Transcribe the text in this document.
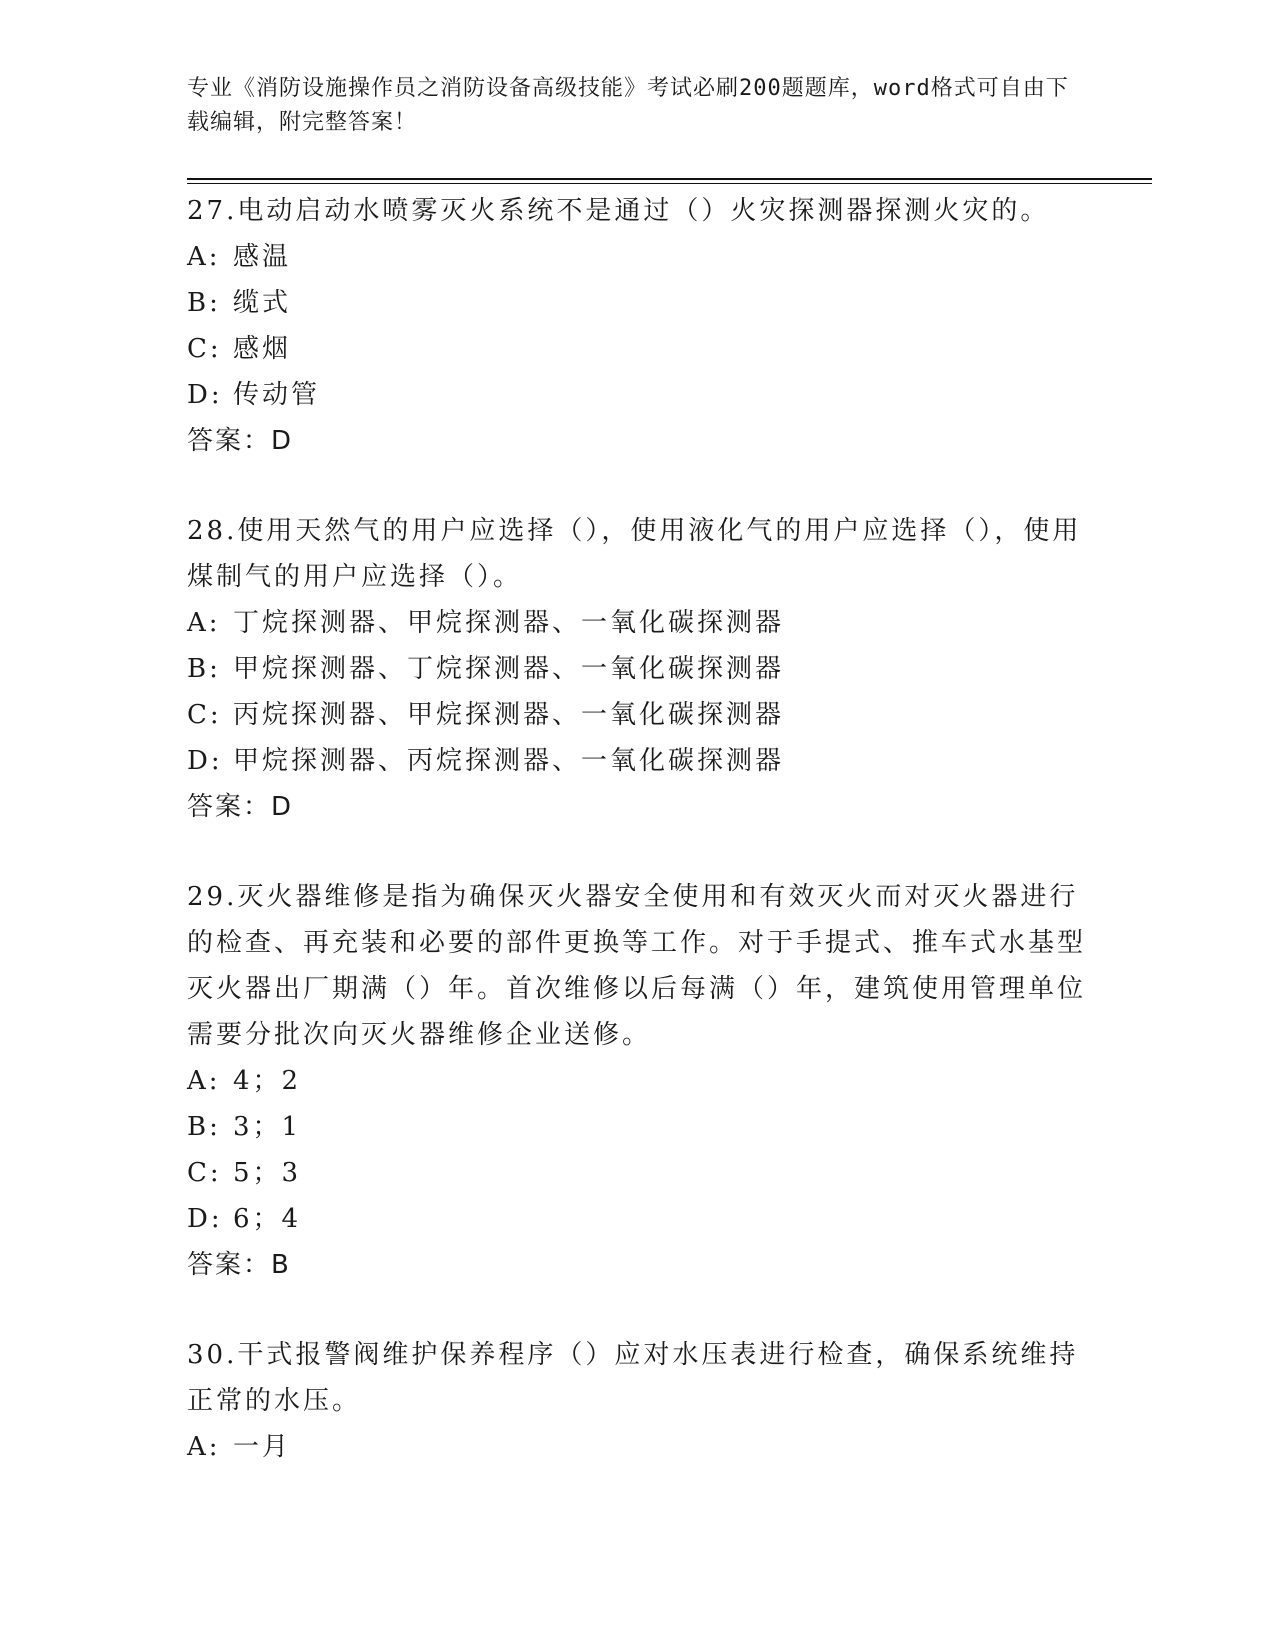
专业《消防设施操作员之消防设备高级技能》考试必刷200题题库，word格式可自由下载编辑，附完整答案！
27.电动启动水喷雾灭火系统不是通过（）火灾探测器探测火灾的。
A: 感温
B: 缆式
C: 感烟
D: 传动管
答案：D
28.使用天然气的用户应选择（），使用液化气的用户应选择（），使用煤制气的用户应选择（）。
A: 丁烷探测器、甲烷探测器、一氧化碳探测器
B: 甲烷探测器、丁烷探测器、一氧化碳探测器
C: 丙烷探测器、甲烷探测器、一氧化碳探测器
D: 甲烷探测器、丙烷探测器、一氧化碳探测器
答案：D
29.灭火器维修是指为确保灭火器安全使用和有效灭火而对灭火器进行的检查、再充装和必要的部件更换等工作。对于手提式、推车式水基型灭火器出厂期满（）年。首次维修以后每满（）年，建筑使用管理单位需要分批次向灭火器维修企业送修。
A: 4；2
B: 3；1
C: 5；3
D: 6；4
答案：B
30.干式报警阀维护保养程序（）应对水压表进行检查，确保系统维持正常的水压。
A: 一月
